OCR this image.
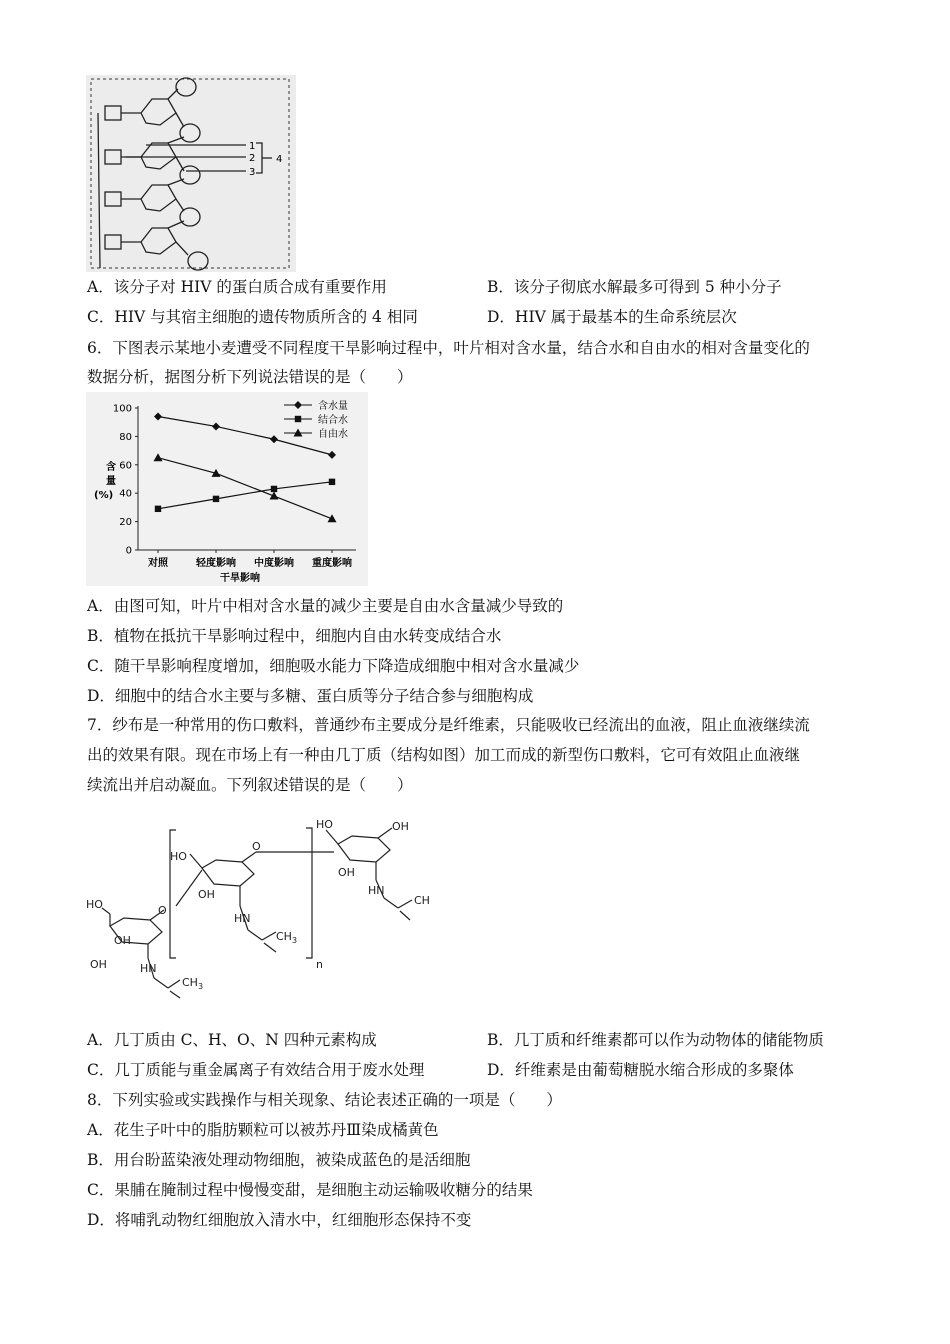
1
2
3
4
A．该分子对 HIV 的蛋白质合成有重要作用	B．该分子彻底水解最多可得到 5 种小分子
C．HIV 与其宿主细胞的遗传物质所含的 4 相同	D．HIV 属于最基本的生命系统层次
6．下图表示某地小麦遭受不同程度干旱影响过程中，叶片相对含水量，结合水和自由水的相对含量变化的
数据分析，据图分析下列说法错误的是（　　）
0
20
40
60
80
100
对照	轻度影响 中度影响 重度影响
含水量
结合水
自由水
含
量
(%)
干旱影响
A．由图可知，叶片中相对含水量的减少主要是自由水含量减少导致的
B．植物在抵抗干旱影响过程中，细胞内自由水转变成结合水
C．随干旱影响程度增加，细胞吸水能力下降造成细胞中相对含水量减少
D．细胞中的结合水主要与多糖、蛋白质等分子结合参与细胞构成
7．纱布是一种常用的伤口敷料，普通纱布主要成分是纤维素，只能吸收已经流出的血液，阻止血液继续流
出的效果有限。现在市场上有一种由几丁质（结构如图）加工而成的新型伤口敷料，它可有效阻止血液继
续流出并启动凝血。下列叙述错误的是（　　）
HO
OH
OH	HN
$CH_3$
O
HO
OH
HN
$CH_3$
O
n
HO	OH
OH
HN
CH
A．几丁质由 C、H、O、N 四种元素构成	B．几丁质和纤维素都可以作为动物体的储能物质
C．几丁质能与重金属离子有效结合用于废水处理	D．纤维素是由葡萄糖脱水缩合形成的多聚体
8．下列实验或实践操作与相关现象、结论表述正确的一项是（　　）
A．花生子叶中的脂肪颗粒可以被苏丹Ⅲ染成橘黄色
B．用台盼蓝染液处理动物细胞，被染成蓝色的是活细胞
C．果脯在腌制过程中慢慢变甜，是细胞主动运输吸收糖分的结果
D．将哺乳动物红细胞放入清水中，红细胞形态保持不变
